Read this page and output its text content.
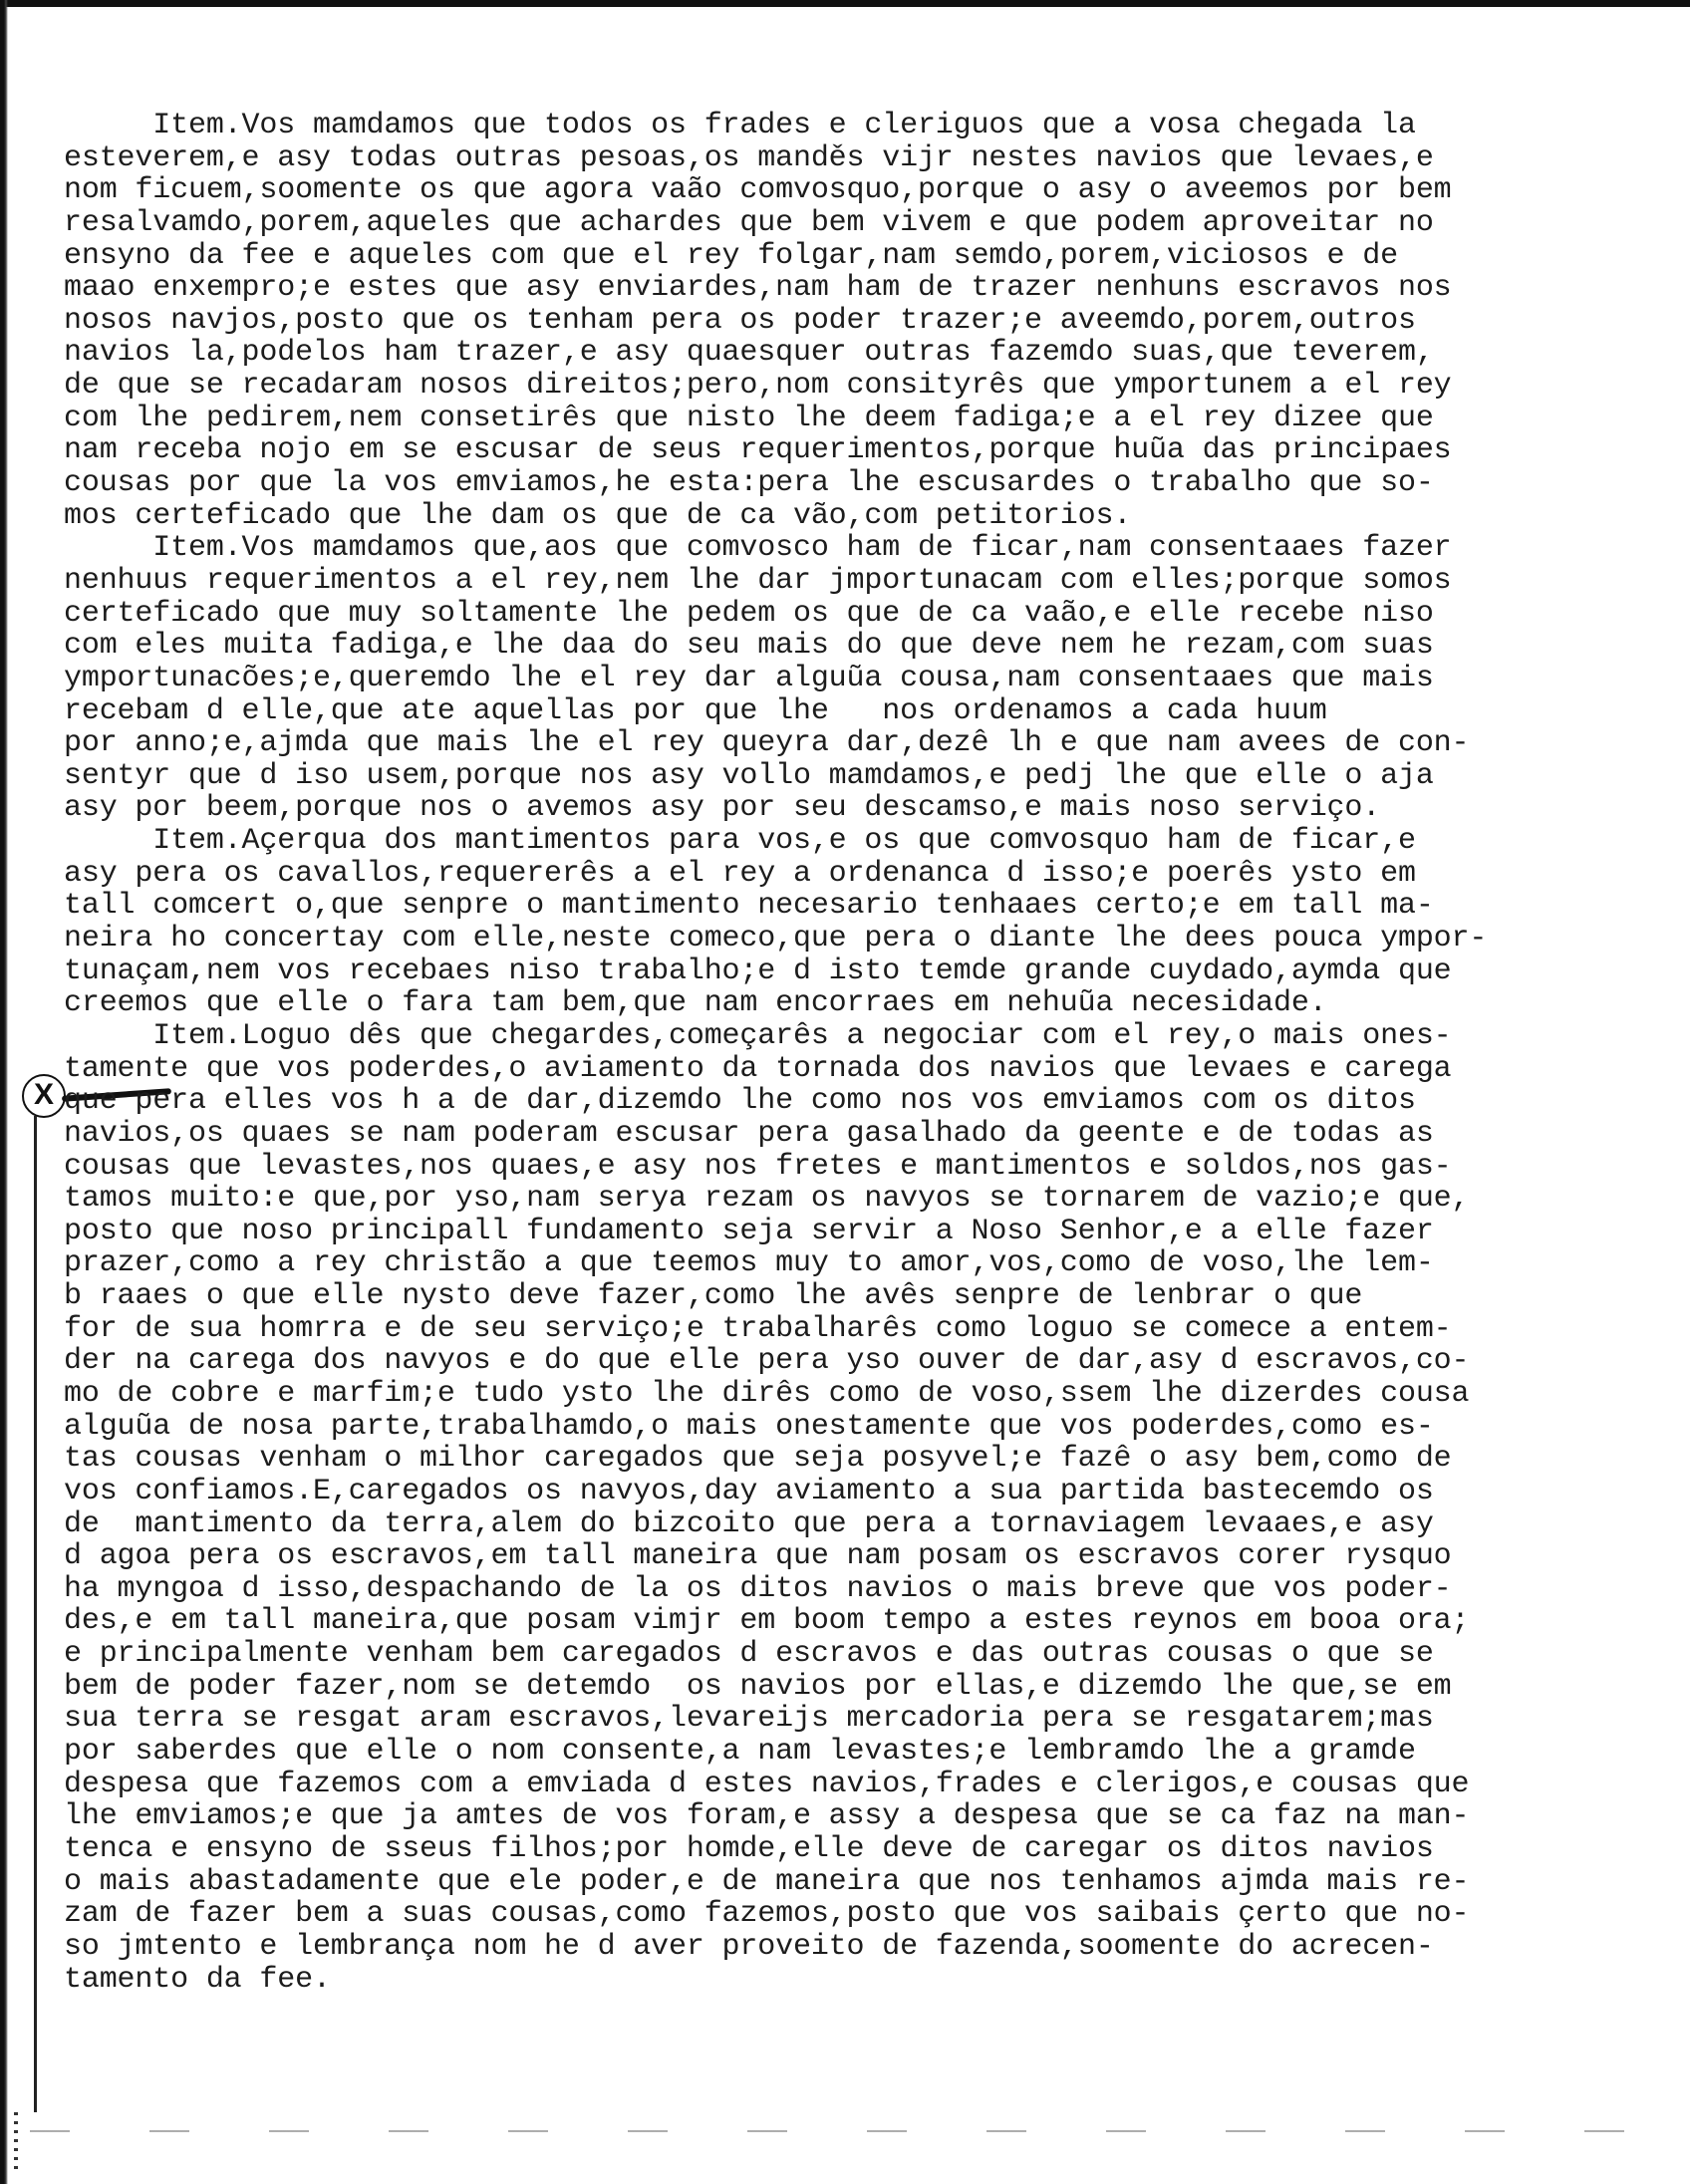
X
Item.Vos mamdamos que todos os frades e cleriguos que a vosa chegada la
esteverem,e asy todas outras pesoas,os manděs vijr nestes navios que levaes,e
nom ficuem,soomente os que agora vaão comvosquo,porque o asy o aveemos por bem
resalvamdo,porem,aqueles que achardes que bem vivem e que podem aproveitar no
ensyno da fee e aqueles com que el rey folgar,nam semdo,porem,viciosos e de
maao enxempro;e estes que asy enviardes,nam ham de trazer nenhuns escravos nos
nosos navjos,posto que os tenham pera os poder trazer;e aveemdo,porem,outros
navios la,podelos ham trazer,e asy quaesquer outras fazemdo suas,que teverem,
de que se recadaram nosos direitos;pero,nom consityrês que ymportunem a el rey
com lhe pedirem,nem consetirês que nisto lhe deem fadiga;e a el rey dizee que
nam receba nojo em se escusar de seus requerimentos,porque huũa das principaes
cousas por que la vos emviamos,he esta:pera lhe escusardes o trabalho que so-
mos certeficado que lhe dam os que de ca vão,com petitorios.
Item.Vos mamdamos que,aos que comvosco ham de ficar,nam consentaaes fazer
nenhuus requerimentos a el rey,nem lhe dar jmportunacam com elles;porque somos
certeficado que muy soltamente lhe pedem os que de ca vaão,e elle recebe niso
com eles muita fadiga,e lhe daa do seu mais do que deve nem he rezam,com suas
ymportunacões;e,queremdo lhe el rey dar alguũa cousa,nam consentaaes que mais
recebam d elle,que ate aquellas por que lhe   nos ordenamos a cada huum
por anno;e,ajmda que mais lhe el rey queyra dar,dezê lh e que nam avees de con-
sentyr que d iso usem,porque nos asy vollo mamdamos,e pedj lhe que elle o aja
asy por beem,porque nos o avemos asy por seu descamso,e mais noso serviço.
Item.Açerqua dos mantimentos para vos,e os que comvosquo ham de ficar,e
asy pera os cavallos,requererês a el rey a ordenanca d isso;e poerês ysto em
tall comcert o,que senpre o mantimento necesario tenhaaes certo;e em tall ma-
neira ho concertay com elle,neste comeco,que pera o diante lhe dees pouca ympor-
tunaçam,nem vos recebaes niso trabalho;e d isto temde grande cuydado,aymda que
creemos que elle o fara tam bem,que nam encorraes em nehuũa necesidade.
Item.Loguo dês que chegardes,começarês a negociar com el rey,o mais ones-
tamente que vos poderdes,o aviamento da tornada dos navios que levaes e carega
que pera elles vos h a de dar,dizemdo lhe como nos vos emviamos com os ditos
navios,os quaes se nam poderam escusar pera gasalhado da geente e de todas as
cousas que levastes,nos quaes,e asy nos fretes e mantimentos e soldos,nos gas-
tamos muito:e que,por yso,nam serya rezam os navyos se tornarem de vazio;e que,
posto que noso principall fundamento seja servir a Noso Senhor,e a elle fazer
prazer,como a rey christão a que teemos muy to amor,vos,como de voso,lhe lem-
b raaes o que elle nysto deve fazer,como lhe avês senpre de lenbrar o que
for de sua homrra e de seu serviço;e trabalharês como loguo se comece a entem-
der na carega dos navyos e do que elle pera yso ouver de dar,asy d escravos,co-
mo de cobre e marfim;e tudo ysto lhe dirês como de voso,ssem lhe dizerdes cousa
alguũa de nosa parte,trabalhamdo,o mais onestamente que vos poderdes,como es-
tas cousas venham o milhor caregados que seja posyvel;e fazê o asy bem,como de
vos confiamos.E,caregados os navyos,day aviamento a sua partida bastecemdo os
de  mantimento da terra,alem do bizcoito que pera a tornaviagem levaaes,e asy
d agoa pera os escravos,em tall maneira que nam posam os escravos corer rysquo
ha myngoa d isso,despachando de la os ditos navios o mais breve que vos poder-
des,e em tall maneira,que posam vimjr em boom tempo a estes reynos em booa ora;
e principalmente venham bem caregados d escravos e das outras cousas o que se
bem de poder fazer,nom se detemdo  os navios por ellas,e dizemdo lhe que,se em
sua terra se resgat aram escravos,levareijs mercadoria pera se resgatarem;mas
por saberdes que elle o nom consente,a nam levastes;e lembramdo lhe a gramde
despesa que fazemos com a emviada d estes navios,frades e clerigos,e cousas que
lhe emviamos;e que ja amtes de vos foram,e assy a despesa que se ca faz na man-
tenca e ensyno de sseus filhos;por homde,elle deve de caregar os ditos navios
o mais abastadamente que ele poder,e de maneira que nos tenhamos ajmda mais re-
zam de fazer bem a suas cousas,como fazemos,posto que vos saibais çerto que no-
so jmtento e lembrança nom he d aver proveito de fazenda,soomente do acrecen-
tamento da fee.
